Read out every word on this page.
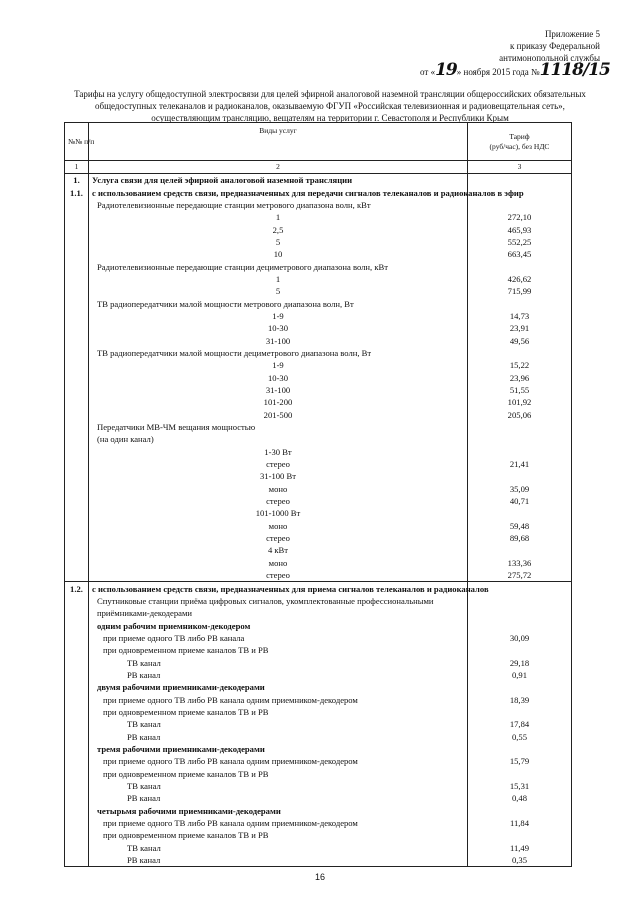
Приложение 5
к приказу Федеральной
антимонопольной службы
от «19» ноября 2015 года №1118/15
Тарифы на услугу общедоступной электросвязи для целей эфирной аналоговой наземной трансляции общероссийских обязательных
общедоступных телеканалов и радиоканалов, оказываемую ФГУП «Российская телевизионная и радиовещательная сеть»,
осуществляющим трансляцию, вещателям на территории г. Севастополя и Республики Крым
№№ п/п	Виды услуг	Тариф
(руб/час), без НДС
1	2	3
1.	Услуга связи для целей эфирной аналоговой наземной трансляции	
1.1.	с использованием средств связи, предназначенных для передачи сигналов телеканалов и радиоканалов в эфир	
	Радиотелевизионные передающие станции метрового диапазона волн, кВт	
	1	272,10
	2,5	465,93
	5	552,25
	10	663,45
	Радиотелевизионные передающие станции дециметрового диапазона волн, кВт	
	1	426,62
	5	715,99
	ТВ радиопередатчики малой мощности метрового диапазона волн, Вт	
	1-9	14,73
	10-30	23,91
	31-100	49,56
	ТВ радиопередатчики малой мощности дециметрового диапазона волн, Вт	
	1-9	15,22
	10-30	23,96
	31-100	51,55
	101-200	101,92
	201-500	205,06
	Передатчики МВ-ЧМ вещания мощностью	
	(на один канал)	
	1-30 Вт	
	стерео	21,41
	31-100 Вт	
	моно	35,09
	стерео	40,71
	101-1000 Вт	
	моно	59,48
	стерео	89,68
	4 кВт	
	моно	133,36
	стерео	275,72
1.2.	с использованием средств связи, предназначенных для приема сигналов телеканалов и радиоканалов	
	Спутниковые станции приёма цифровых сигналов, укомплектованные профессиональными	
	приёмниками-декодерами	
	одним рабочим приемником-декодером	
	при приеме одного ТВ либо РВ канала	30,09
	при одновременном приеме каналов ТВ и РВ	
	ТВ канал	29,18
	РВ канал	0,91
	двумя рабочими приемниками-декодерами	
	при приеме одного ТВ либо РВ канала одним приемником-декодером	18,39
	при одновременном приеме каналов ТВ и РВ	
	ТВ канал	17,84
	РВ канал	0,55
	тремя рабочими приемниками-декодерами	
	при приеме одного ТВ либо РВ канала одним приемником-декодером	15,79
	при одновременном приеме каналов ТВ и РВ	
	ТВ канал	15,31
	РВ канал	0,48
	четырьмя рабочими приемниками-декодерами	
	при приеме одного ТВ либо РВ канала одним приемником-декодером	11,84
	при одновременном приеме каналов ТВ и РВ	
	ТВ канал	11,49
	РВ канал	0,35
16
